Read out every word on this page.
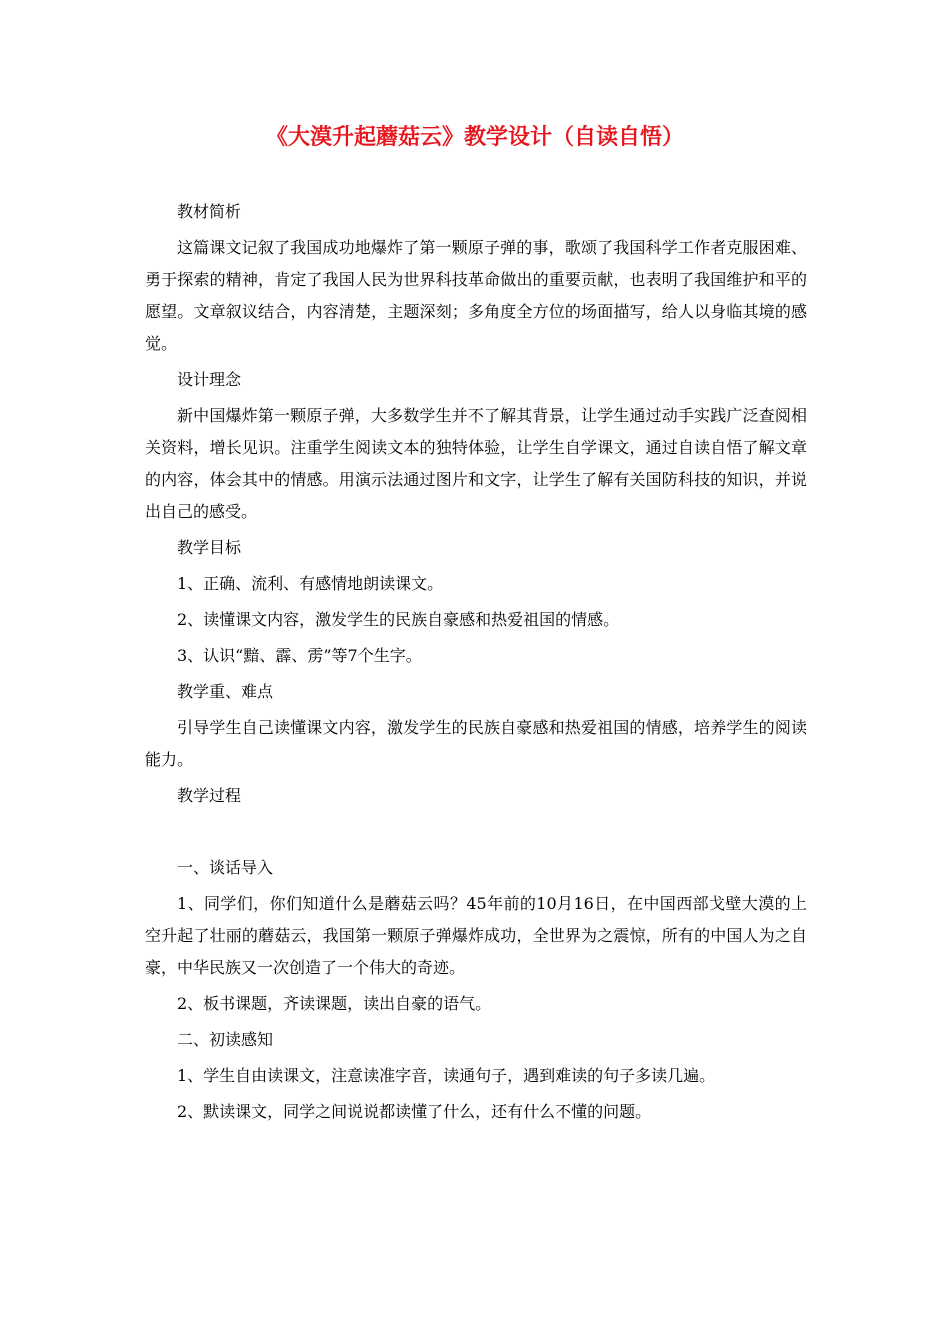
《大漠升起蘑菇云》教学设计（自读自悟）

教材简析

这篇课文记叙了我国成功地爆炸了第一颗原子弹的事，歌颂了我国科学工作者克服困难、勇于探索的精神，肯定了我国人民为世界科技革命做出的重要贡献，也表明了我国维护和平的愿望。文章叙议结合，内容清楚，主题深刻；多角度全方位的场面描写，给人以身临其境的感觉。

设计理念

新中国爆炸第一颗原子弹，大多数学生并不了解其背景，让学生通过动手实践广泛查阅相关资料，增长见识。注重学生阅读文本的独特体验，让学生自学课文，通过自读自悟了解文章的内容，体会其中的情感。用演示法通过图片和文字，让学生了解有关国防科技的知识，并说出自己的感受。

教学目标

1、正确、流利、有感情地朗读课文。

2、读懂课文内容，激发学生的民族自豪感和热爱祖国的情感。

3、认识“黯、霹、雳”等7个生字。

教学重、难点

引导学生自己读懂课文内容，激发学生的民族自豪感和热爱祖国的情感，培养学生的阅读能力。

教学过程

一、谈话导入

1、同学们，你们知道什么是蘑菇云吗？45年前的10月16日，在中国西部戈壁大漠的上空升起了壮丽的蘑菇云，我国第一颗原子弹爆炸成功，全世界为之震惊，所有的中国人为之自豪，中华民族又一次创造了一个伟大的奇迹。

2、板书课题，齐读课题，读出自豪的语气。

二、初读感知

1、学生自由读课文，注意读准字音，读通句子，遇到难读的句子多读几遍。

2、默读课文，同学之间说说都读懂了什么，还有什么不懂的问题。
